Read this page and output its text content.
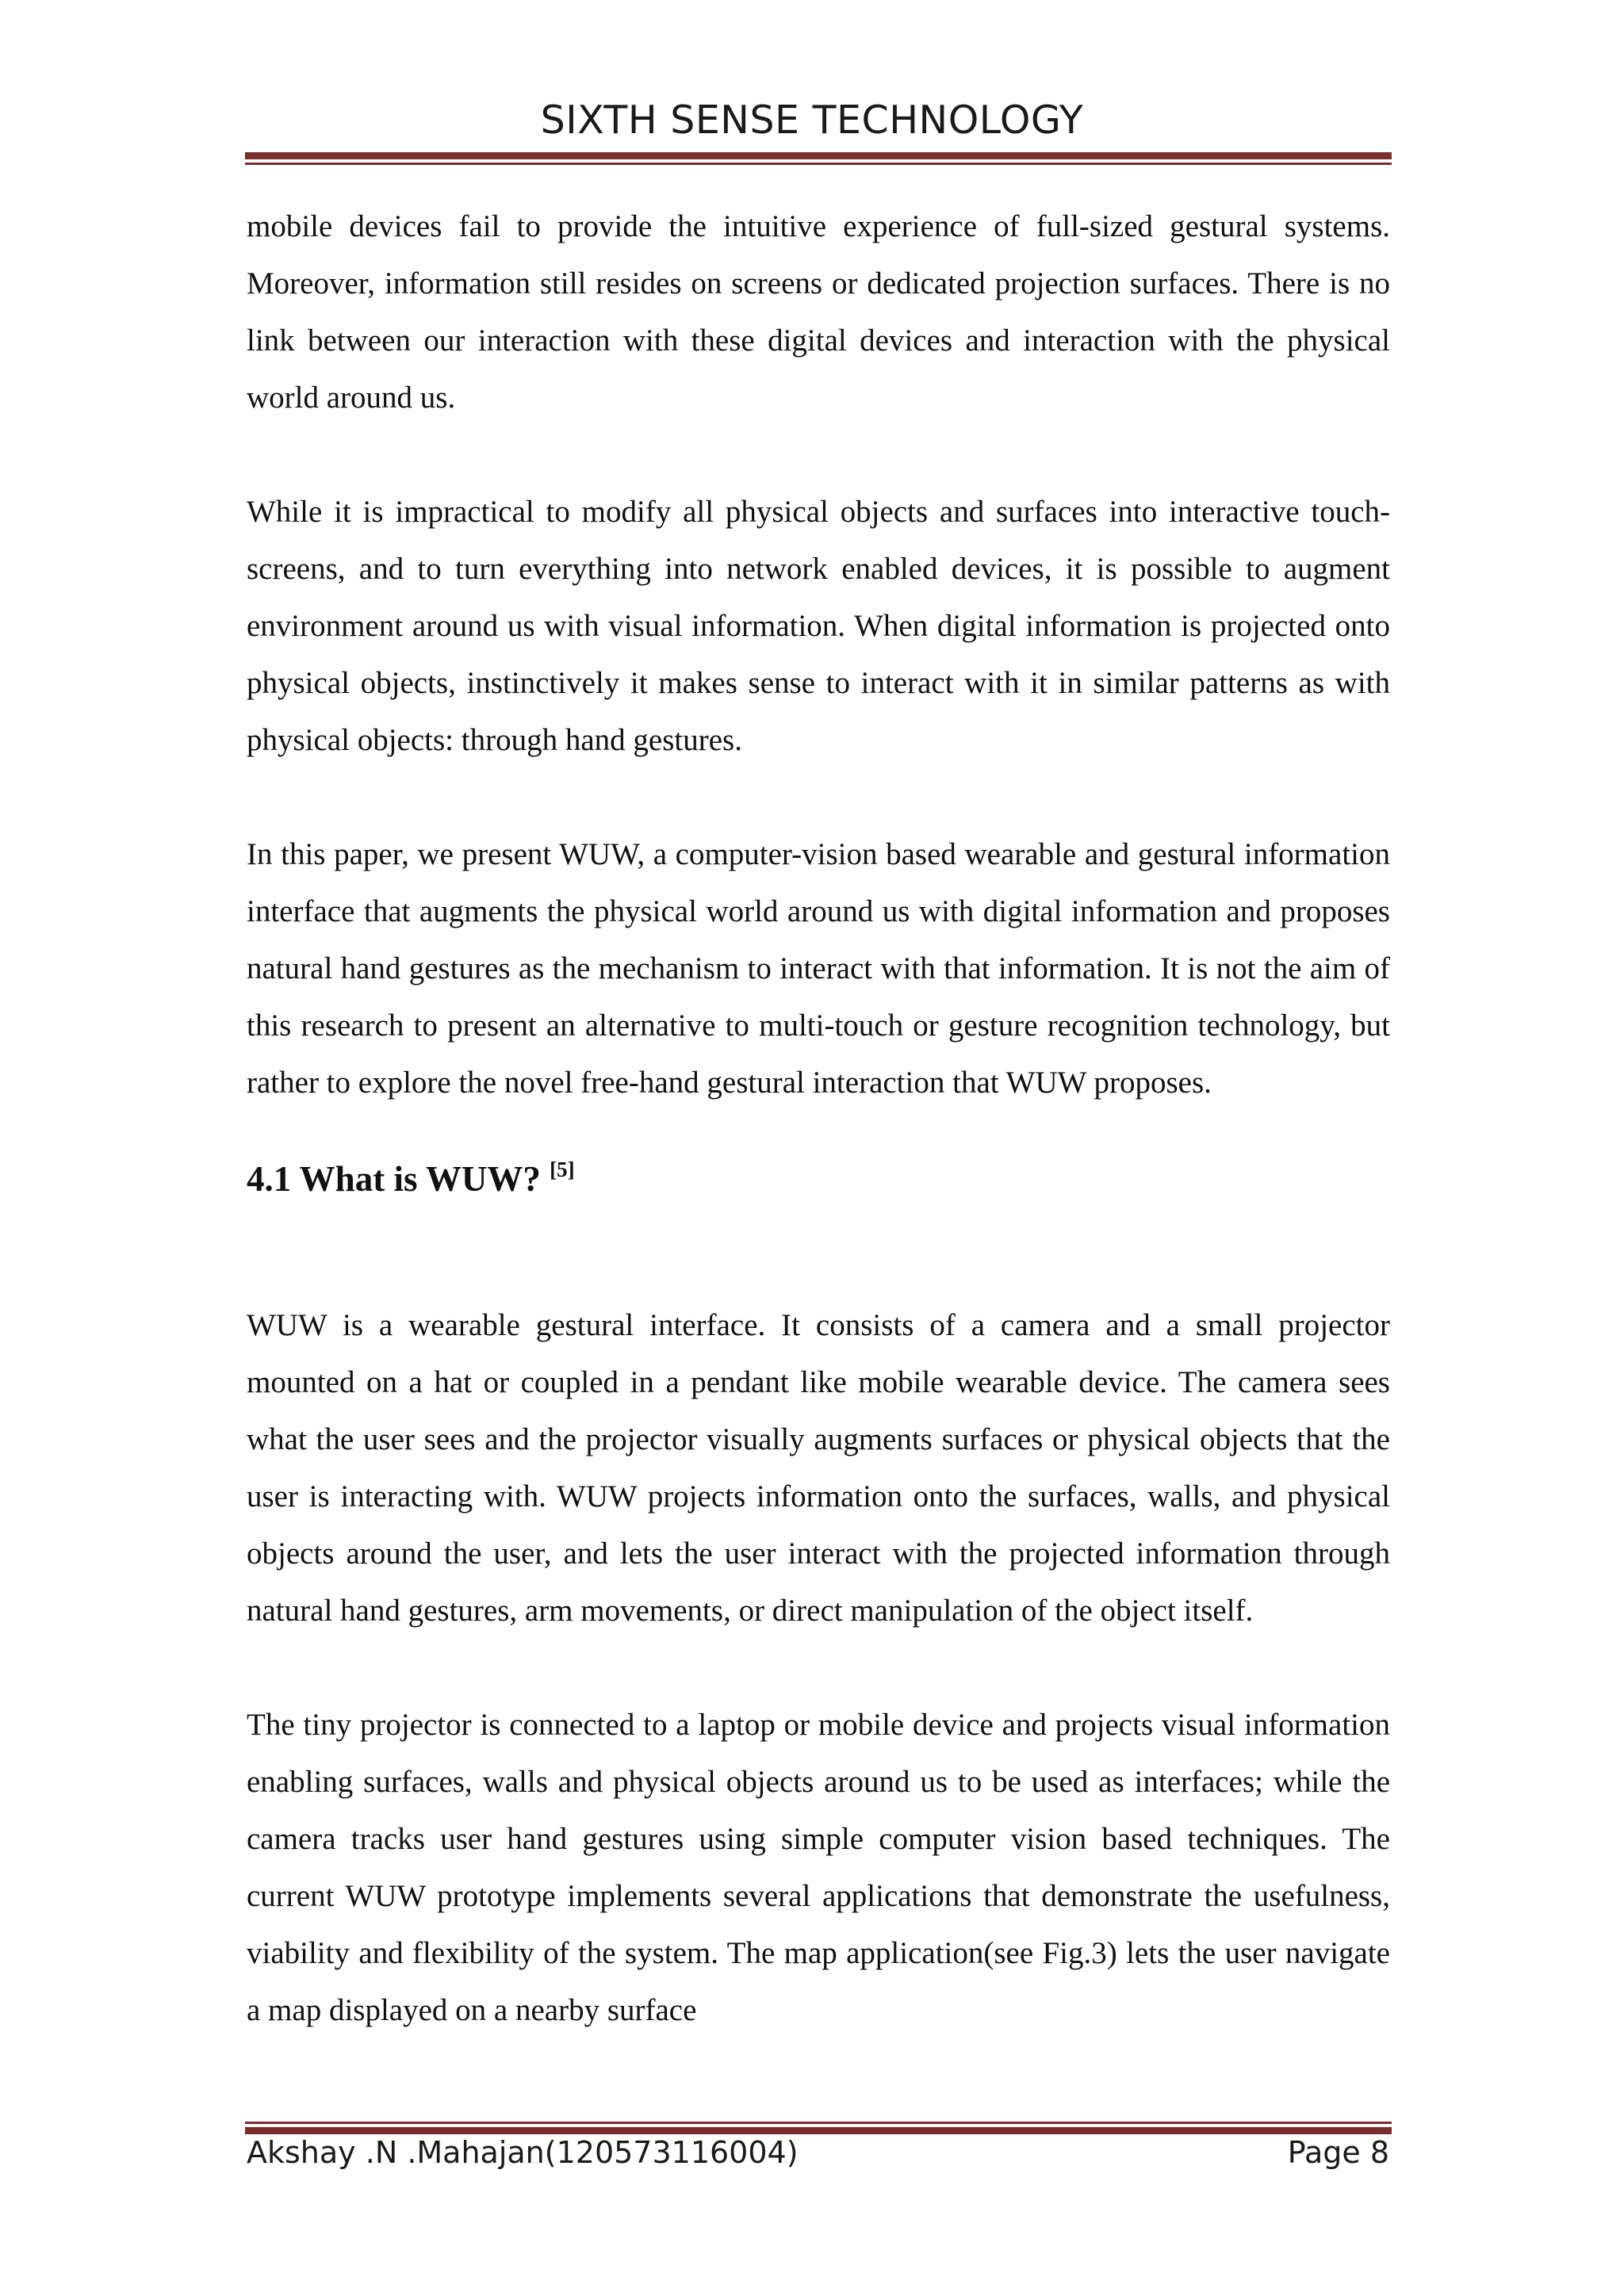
SIXTH SENSE TECHNOLOGY

mobile devices fail to provide the intuitive experience of full-sized gestural systems. Moreover, information still resides on screens or dedicated projection surfaces. There is no link between our interaction with these digital devices and interaction with the physical world around us.

While it is impractical to modify all physical objects and surfaces into interactive touch-screens, and to turn everything into network enabled devices, it is possible to augment environment around us with visual information. When digital information is projected onto physical objects, instinctively it makes sense to interact with it in similar patterns as with physical objects: through hand gestures.

In this paper, we present WUW, a computer-vision based wearable and gestural information interface that augments the physical world around us with digital information and proposes natural hand gestures as the mechanism to interact with that information. It is not the aim of this research to present an alternative to multi-touch or gesture recognition technology, but rather to explore the novel free-hand gestural interaction that WUW proposes.

4.1 What is WUW? [5]

WUW is a wearable gestural interface. It consists of a camera and a small projector mounted on a hat or coupled in a pendant like mobile wearable device. The camera sees what the user sees and the projector visually augments surfaces or physical objects that the user is interacting with. WUW projects information onto the surfaces, walls, and physical objects around the user, and lets the user interact with the projected information through natural hand gestures, arm movements, or direct manipulation of the object itself.

The tiny projector is connected to a laptop or mobile device and projects visual information enabling surfaces, walls and physical objects around us to be used as interfaces; while the camera tracks user hand gestures using simple computer vision based techniques. The current WUW prototype implements several applications that demonstrate the usefulness, viability and flexibility of the system. The map application(see Fig.3) lets the user navigate a map displayed on a nearby surface

Akshay .N .Mahajan(120573116004)	Page 8
